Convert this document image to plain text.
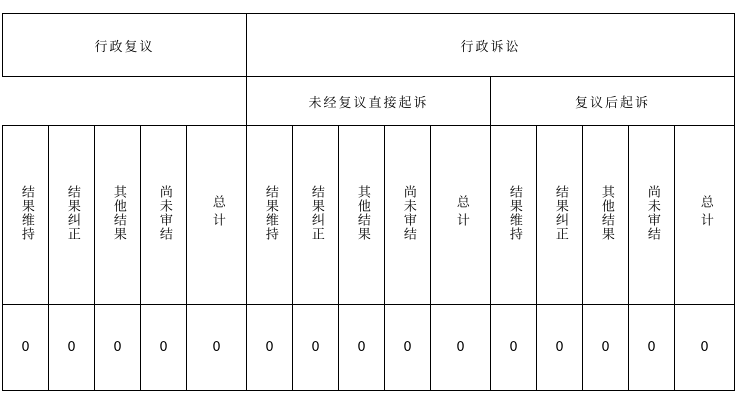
行政复议					行政诉讼									
					未经复议直接起诉					复议后起诉				
结果维持	结果纠正	其他结果	尚未审结	总计	结果维持	结果纠正	其他结果	尚未审结	总计	结果维持	结果纠正	其他结果	尚未审结	总计
0	0	0	0	0	0	0	0	0	0	0	0	0	0	0
